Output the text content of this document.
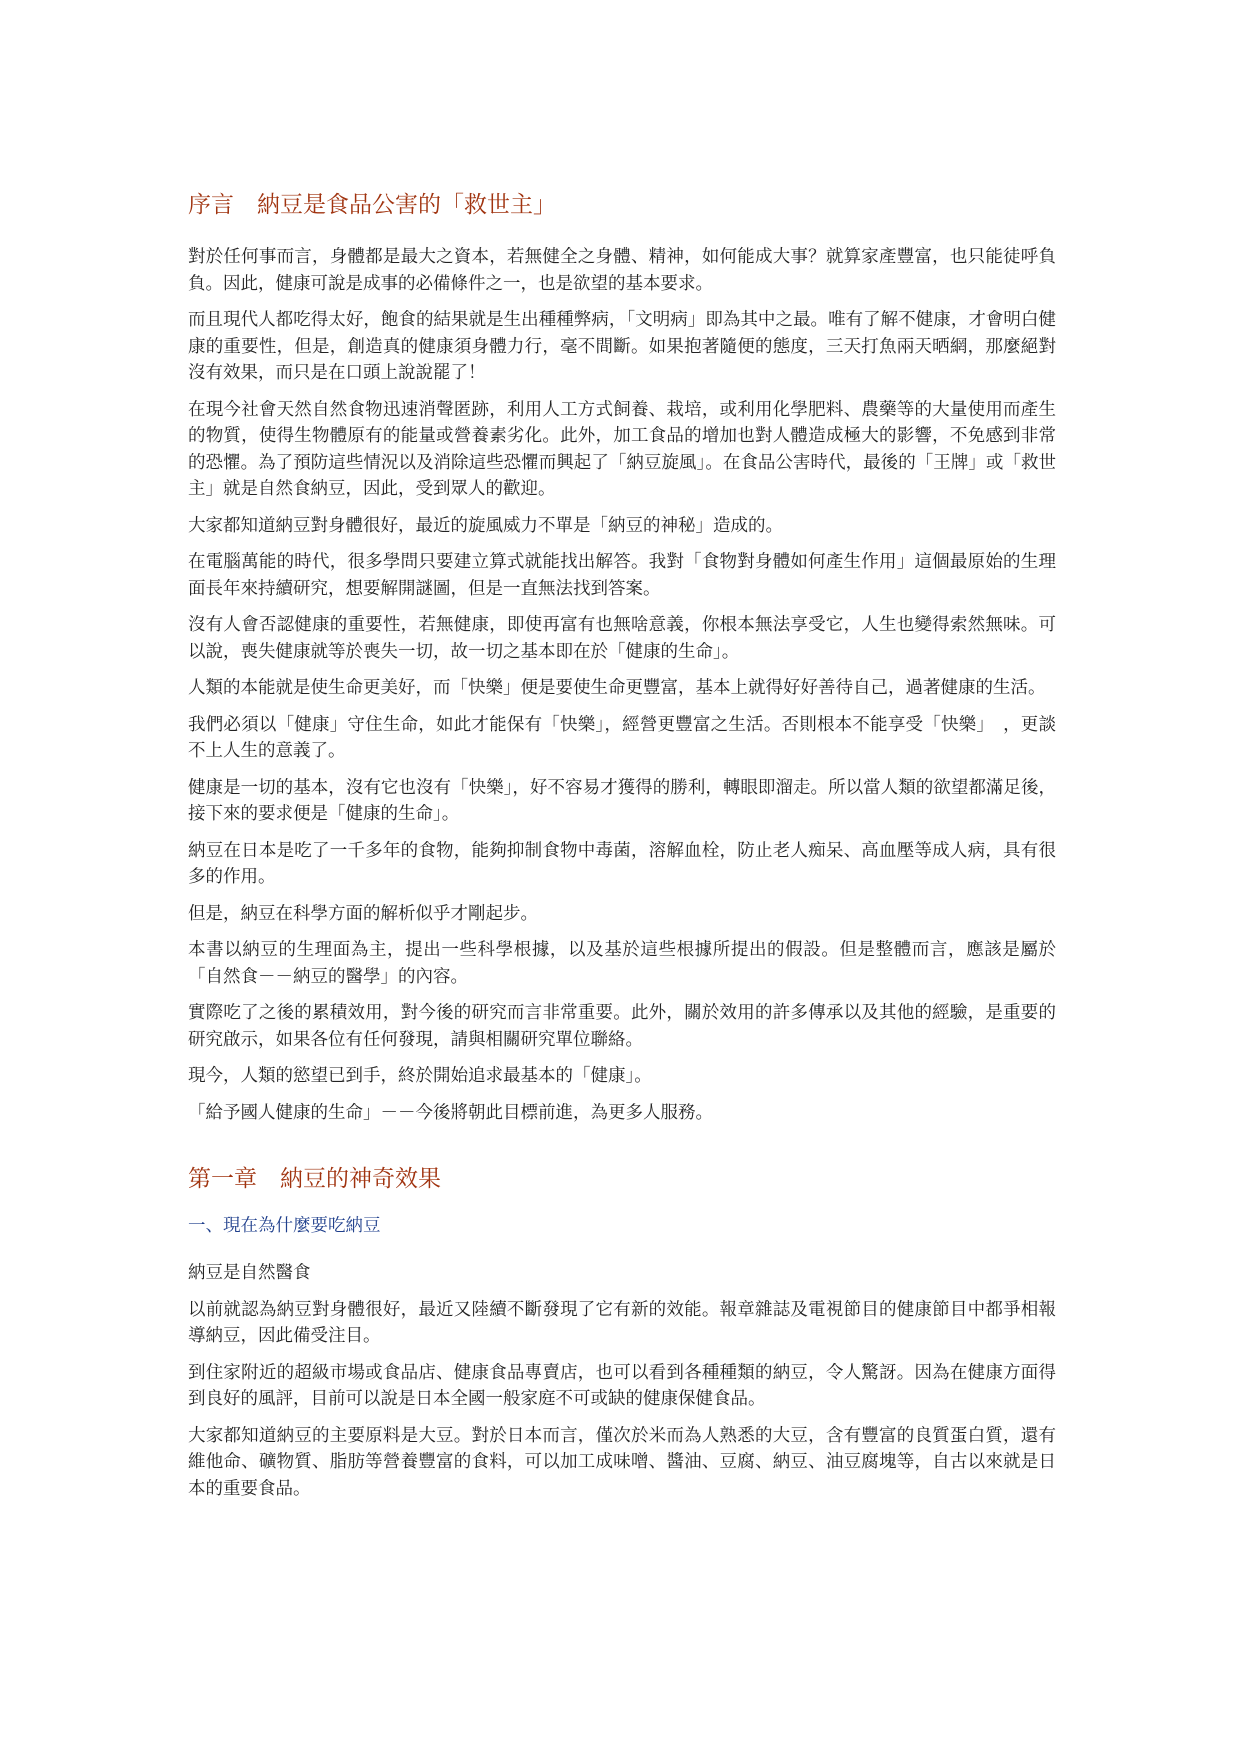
序言　納豆是食品公害的「救世主」

對於任何事而言，身體都是最大之資本，若無健全之身體、精神，如何能成大事？就算家產豐富，也只能徒呼負負。因此，健康可說是成事的必備條件之一，也是欲望的基本要求。

而且現代人都吃得太好，飽食的結果就是生出種種弊病，「文明病」即為其中之最。唯有了解不健康，才會明白健康的重要性，但是，創造真的健康須身體力行，毫不間斷。如果抱著隨便的態度，三天打魚兩天晒網，那麼絕對沒有效果，而只是在口頭上說說罷了！

在現今社會天然自然食物迅速消聲匿跡，利用人工方式飼養、栽培，或利用化學肥料、農藥等的大量使用而產生的物質，使得生物體原有的能量或營養素劣化。此外，加工食品的增加也對人體造成極大的影響，不免感到非常的恐懼。為了預防這些情況以及消除這些恐懼而興起了「納豆旋風」。在食品公害時代，最後的「王牌」或「救世主」就是自然食納豆，因此，受到眾人的歡迎。

大家都知道納豆對身體很好，最近的旋風威力不單是「納豆的神秘」造成的。

在電腦萬能的時代，很多學問只要建立算式就能找出解答。我對「食物對身體如何產生作用」這個最原始的生理面長年來持續研究，想要解開謎圖，但是一直無法找到答案。

沒有人會否認健康的重要性，若無健康，即使再富有也無啥意義，你根本無法享受它，人生也變得索然無味。可以說，喪失健康就等於喪失一切，故一切之基本即在於「健康的生命」。

人類的本能就是使生命更美好，而「快樂」便是要使生命更豐富，基本上就得好好善待自己，過著健康的生活。

我們必須以「健康」守住生命，如此才能保有「快樂」，經營更豐富之生活。否則根本不能享受「快樂」　，更談不上人生的意義了。

健康是一切的基本，沒有它也沒有「快樂」，好不容易才獲得的勝利，轉眼即溜走。所以當人類的欲望都滿足後，接下來的要求便是「健康的生命」。

納豆在日本是吃了一千多年的食物，能夠抑制食物中毒菌，溶解血栓，防止老人痴呆、高血壓等成人病，具有很多的作用。

但是，納豆在科學方面的解析似乎才剛起步。

本書以納豆的生理面為主，提出一些科學根據，以及基於這些根據所提出的假設。但是整體而言，應該是屬於「自然食－－納豆的醫學」的內容。

實際吃了之後的累積效用，對今後的研究而言非常重要。此外，關於效用的許多傳承以及其他的經驗，是重要的研究啟示，如果各位有任何發現，請與相關研究單位聯絡。

現今，人類的慾望已到手，終於開始追求最基本的「健康」。

「給予國人健康的生命」－－今後將朝此目標前進，為更多人服務。

第一章　納豆的神奇效果
一、現在為什麼要吃納豆

納豆是自然醫食

以前就認為納豆對身體很好，最近又陸續不斷發現了它有新的效能。報章雜誌及電視節目的健康節目中都爭相報導納豆，因此備受注目。

到住家附近的超級市場或食品店、健康食品專賣店，也可以看到各種種類的納豆，令人驚訝。因為在健康方面得到良好的風評，目前可以說是日本全國一般家庭不可或缺的健康保健食品。

大家都知道納豆的主要原料是大豆。對於日本而言，僅次於米而為人熟悉的大豆，含有豐富的良質蛋白質，還有維他命、礦物質、脂肪等營養豐富的食料，可以加工成味噌、醬油、豆腐、納豆、油豆腐塊等，自古以來就是日本的重要食品。
